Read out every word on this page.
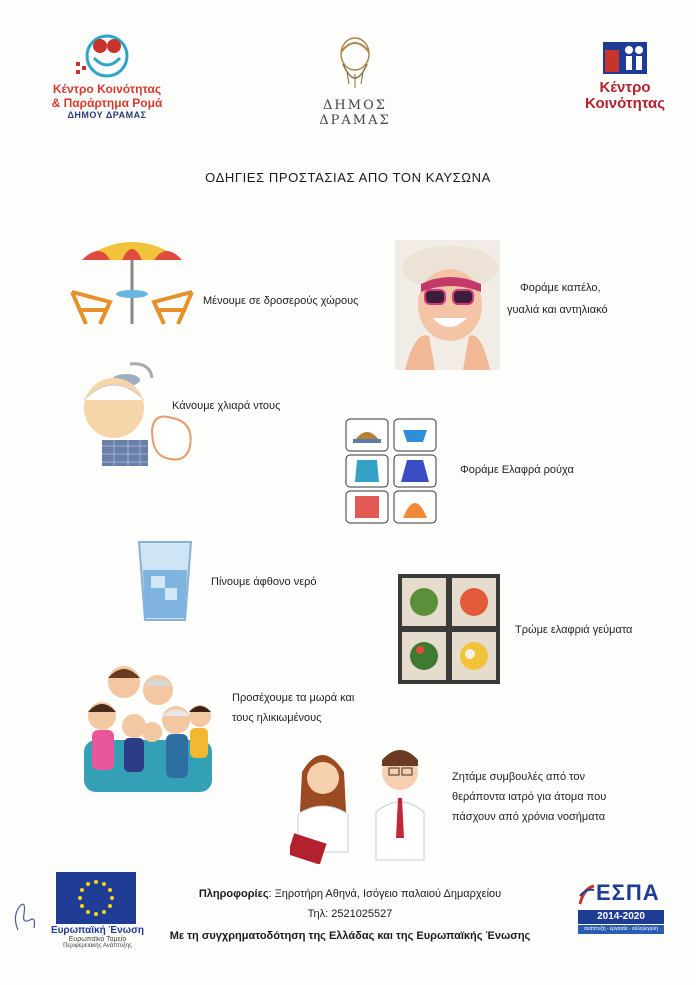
Κέντρο Κοινότητας
& Παράρτημα Ρομά
ΔΗΜΟΥ ΔΡΑΜΑΣ
ΔΗΜΟΣ ΔΡΑΜΑΣ
Κέντρο
Κοινότητας
ΟΔΗΓΙΕΣ ΠΡΟΣΤΑΣΙΑΣ ΑΠΟ ΤΟΝ ΚΑΥΣΩΝΑ
Μένουμε σε δροσερούς χώρους
Φοράμε καπέλο,
γυαλιά και αντηλιακό
Κάνουμε χλιαρά ντους
Φοράμε Ελαφρά ρούχα
Πίνουμε άφθονο νερό
Τρώμε ελαφριά γεύματα
Προσέχουμε τα μωρά και
τους ηλικιωμένους
Ζητάμε συμβουλές από τον
θεράποντα ιατρό για άτομα που
πάσχουν από χρόνια νοσήματα
Ευρωπαϊκή Ένωση
Ευρωπαϊκό Ταμείο
Περιφερειακής Ανάπτυξης
Πληροφορίες: Ξηροτήρη Αθηνά, Ισόγειο παλαιού Δημαρχείου
Τηλ: 2521025527
Με τη συγχρηματοδότηση της Ελλάδας και της Ευρωπαϊκής Ένωσης
ΕΣΠΑ
2014-2020
ανάπτυξη - εργασία - αλληλεγγύη
